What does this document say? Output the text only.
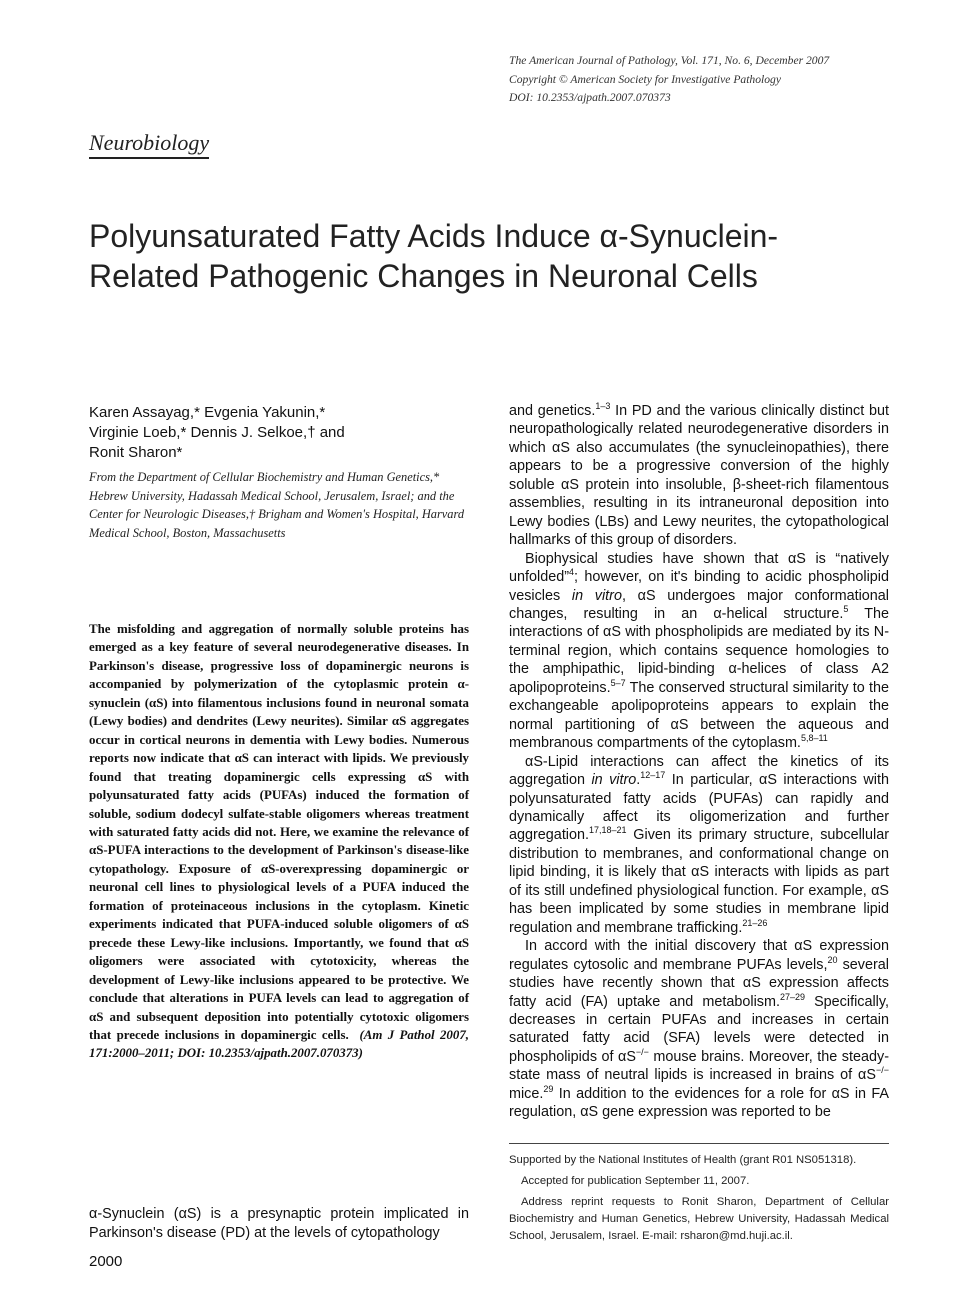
The American Journal of Pathology, Vol. 171, No. 6, December 2007
Copyright © American Society for Investigative Pathology
DOI: 10.2353/ajpath.2007.070373
Neurobiology
Polyunsaturated Fatty Acids Induce α-Synuclein-Related Pathogenic Changes in Neuronal Cells
Karen Assayag,* Evgenia Yakunin,*
Virginie Loeb,* Dennis J. Selkoe,† and
Ronit Sharon*
From the Department of Cellular Biochemistry and Human Genetics,* Hebrew University, Hadassah Medical School, Jerusalem, Israel; and the Center for Neurologic Diseases,† Brigham and Women's Hospital, Harvard Medical School, Boston, Massachusetts

The misfolding and aggregation of normally soluble proteins has emerged as a key feature of several neurodegenerative diseases. In Parkinson's disease, progressive loss of dopaminergic neurons is accompanied by polymerization of the cytoplasmic protein α-synuclein (αS) into filamentous inclusions found in neuronal somata (Lewy bodies) and dendrites (Lewy neurites). Similar αS aggregates occur in cortical neurons in dementia with Lewy bodies. Numerous reports now indicate that αS can interact with lipids. We previously found that treating dopaminergic cells expressing αS with polyunsaturated fatty acids (PUFAs) induced the formation of soluble, sodium dodecyl sulfate-stable oligomers whereas treatment with saturated fatty acids did not. Here, we examine the relevance of αS-PUFA interactions to the development of Parkinson's disease-like cytopathology. Exposure of αS-overexpressing dopaminergic or neuronal cell lines to physiological levels of a PUFA induced the formation of proteinaceous inclusions in the cytoplasm. Kinetic experiments indicated that PUFA-induced soluble oligomers of αS precede these Lewy-like inclusions. Importantly, we found that αS oligomers were associated with cytotoxicity, whereas the development of Lewy-like inclusions appeared to be protective. We conclude that alterations in PUFA levels can lead to aggregation of αS and subsequent deposition into potentially cytotoxic oligomers that precede inclusions in dopaminergic cells. (Am J Pathol 2007, 171:2000–2011; DOI: 10.2353/ajpath.2007.070373)

α-Synuclein (αS) is a presynaptic protein implicated in Parkinson's disease (PD) at the levels of cytopathology

and genetics.$^{1-3}$ In PD and the various clinically distinct but neuropathologically related neurodegenerative disorders in which αS also accumulates (the synucleinopathies), there appears to be a progressive conversion of the highly soluble αS protein into insoluble, β-sheet-rich filamentous assemblies, resulting in its intraneuronal deposition into Lewy bodies (LBs) and Lewy neurites, the cytopathological hallmarks of this group of disorders.

Biophysical studies have shown that αS is “natively unfolded”$^4$; however, on it's binding to acidic phospholipid vesicles in vitro, αS undergoes major conformational changes, resulting in an α-helical structure.$^5$ The interactions of αS with phospholipids are mediated by its N-terminal region, which contains sequence homologies to the amphipathic, lipid-binding α-helices of class A2 apolipoproteins.$^{5-7}$ The conserved structural similarity to the exchangeable apolipoproteins appears to explain the normal partitioning of αS between the aqueous and membranous compartments of the cytoplasm.$^{5,8-11}$

αS-Lipid interactions can affect the kinetics of its aggregation in vitro.$^{12-17}$ In particular, αS interactions with polyunsaturated fatty acids (PUFAs) can rapidly and dynamically affect its oligomerization and further aggregation.$^{17,18-21}$ Given its primary structure, subcellular distribution to membranes, and conformational change on lipid binding, it is likely that αS interacts with lipids as part of its still undefined physiological function. For example, αS has been implicated by some studies in membrane lipid regulation and membrane trafficking.$^{21-26}$

In accord with the initial discovery that αS expression regulates cytosolic and membrane PUFAs levels,$^{20}$ several studies have recently shown that αS expression affects fatty acid (FA) uptake and metabolism.$^{27-29}$ Specifically, decreases in certain PUFAs and increases in certain saturated fatty acid (SFA) levels were detected in phospholipids of αS−/− mouse brains. Moreover, the steady-state mass of neutral lipids is increased in brains of αS−/− mice.$^{29}$ In addition to the evidences for a role for αS in FA regulation, αS gene expression was reported to be

Supported by the National Institutes of Health (grant R01 NS051318).

Accepted for publication September 11, 2007.

Address reprint requests to Ronit Sharon, Department of Cellular Biochemistry and Human Genetics, Hebrew University, Hadassah Medical School, Jerusalem, Israel. E-mail: rsharon@md.huji.ac.il.

2000
